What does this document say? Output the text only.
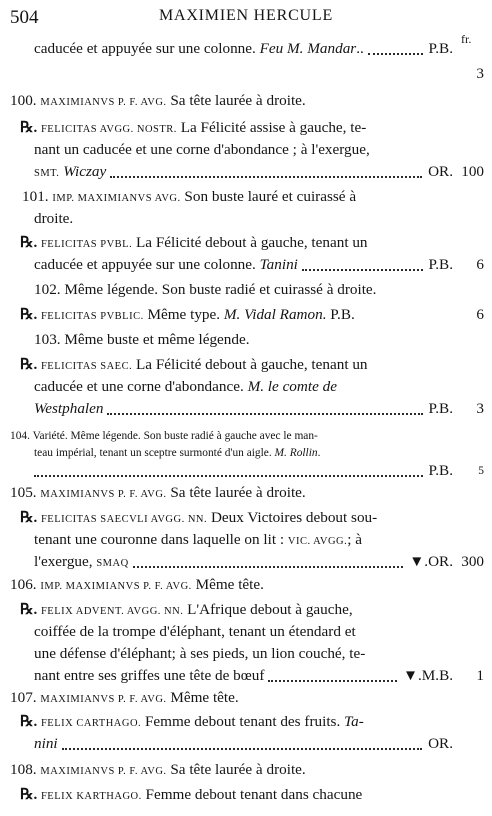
504	MAXIMIEN HERCULE
fr.
caducée et appuyée sur une colonne. Feu M. Mandar..	P.B.
3
100. MAXIMIANVS P. F. AVG. Sa tête laurée à droite.
℞. FELICITAS AVGG. NOSTR. La Félicité assise à gauche, te-
nant un caducée et une corne d'abondance ; à l'exergue,
SMT. Wiczay	OR. 100
101. IMP. MAXIMIANVS AVG. Son buste lauré et cuirassé à
droite.
℞. FELICITAS PVBL. La Félicité debout à gauche, tenant un
caducée et appuyée sur une colonne. Tanini	P.B. 6
102. Même légende. Son buste radié et cuirassé à droite.
℞. FELICITAS PVBLIC. Même type. M. Vidal Ramon. P.B.	6
103. Même buste et même légende.
℞. FELICITAS SAEC. La Félicité debout à gauche, tenant un
caducée et une corne d'abondance. M. le comte de
Westphalen	P.B. 3
104. Variété. Même légende. Son buste radié à gauche avec le man-
teau impérial, tenant un sceptre surmonté d'un aigle. M. Rollin.
P.B. 5
105. MAXIMIANVS P. F. AVG. Sa tête laurée à droite.
℞. FELICITAS SAECVLI AVGG. NN. Deux Victoires debout sou-
tenant une couronne dans laquelle on lit : VIC. AVGG.; à
l'exergue, SMAQ	▼.OR. 300
106. IMP. MAXIMIANVS P. F. AVG. Même tête.
℞. FELIX ADVENT. AVGG. NN. L'Afrique debout à gauche,
coiffée de la trompe d'éléphant, tenant un étendard et
une défense d'éléphant; à ses pieds, un lion couché, te-
nant entre ses griffes une tête de bœuf	▼.M.B. 1
107. MAXIMIANVS P. F. AVG. Même tête.
℞. FELIX CARTHAGO. Femme debout tenant des fruits. Ta-
nini	OR.
108. MAXIMIANVS P. F. AVG. Sa tête laurée à droite.
℞. FELIX KARTHAGO. Femme debout tenant dans chacune
